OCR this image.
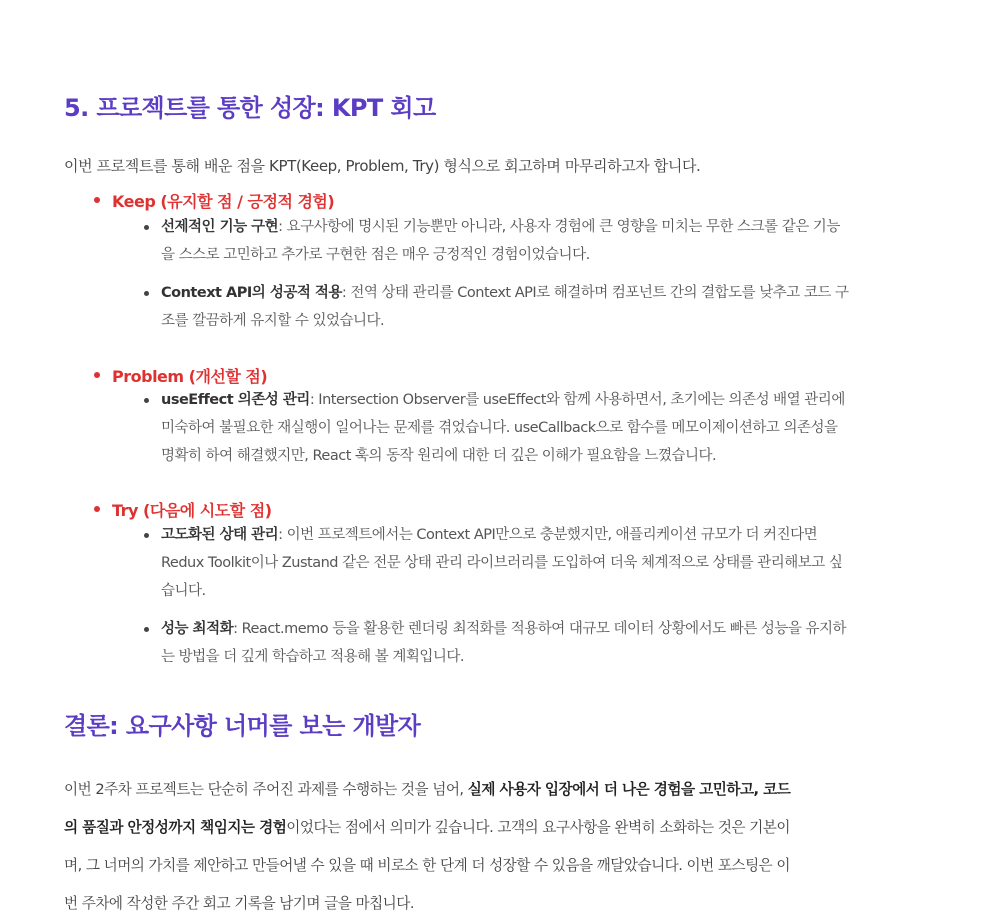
5. 프로젝트를 통한 성장: KPT 회고

이번 프로젝트를 통해 배운 점을 KPT(Keep, Problem, Try) 형식으로 회고하며 마무리하고자 합니다.

Keep (유지할 점 / 긍정적 경험)

선제적인 기능 구현: 요구사항에 명시된 기능뿐만 아니라, 사용자 경험에 큰 영향을 미치는 무한 스크롤 같은 기능
을 스스로 고민하고 추가로 구현한 점은 매우 긍정적인 경험이었습니다.

Context API의 성공적 적용: 전역 상태 관리를 Context API로 해결하며 컴포넌트 간의 결합도를 낮추고 코드 구
조를 깔끔하게 유지할 수 있었습니다.

Problem (개선할 점)

useEffect 의존성 관리: Intersection Observer를 useEffect와 함께 사용하면서, 초기에는 의존성 배열 관리에
미숙하여 불필요한 재실행이 일어나는 문제를 겪었습니다. useCallback으로 함수를 메모이제이션하고 의존성을
명확히 하여 해결했지만, React 훅의 동작 원리에 대한 더 깊은 이해가 필요함을 느꼈습니다.

Try (다음에 시도할 점)

고도화된 상태 관리: 이번 프로젝트에서는 Context API만으로 충분했지만, 애플리케이션 규모가 더 커진다면
Redux Toolkit이나 Zustand 같은 전문 상태 관리 라이브러리를 도입하여 더욱 체계적으로 상태를 관리해보고 싶
습니다.

성능 최적화: React.memo 등을 활용한 렌더링 최적화를 적용하여 대규모 데이터 상황에서도 빠른 성능을 유지하
는 방법을 더 깊게 학습하고 적용해 볼 계획입니다.

결론: 요구사항 너머를 보는 개발자

이번 2주차 프로젝트는 단순히 주어진 과제를 수행하는 것을 넘어, 실제 사용자 입장에서 더 나은 경험을 고민하고, 코드
의 품질과 안정성까지 책임지는 경험이었다는 점에서 의미가 깊습니다. 고객의 요구사항을 완벽히 소화하는 것은 기본이
며, 그 너머의 가치를 제안하고 만들어낼 수 있을 때 비로소 한 단계 더 성장할 수 있음을 깨달았습니다. 이번 포스팅은 이
번 주차에 작성한 주간 회고 기록을 남기며 글을 마칩니다.
